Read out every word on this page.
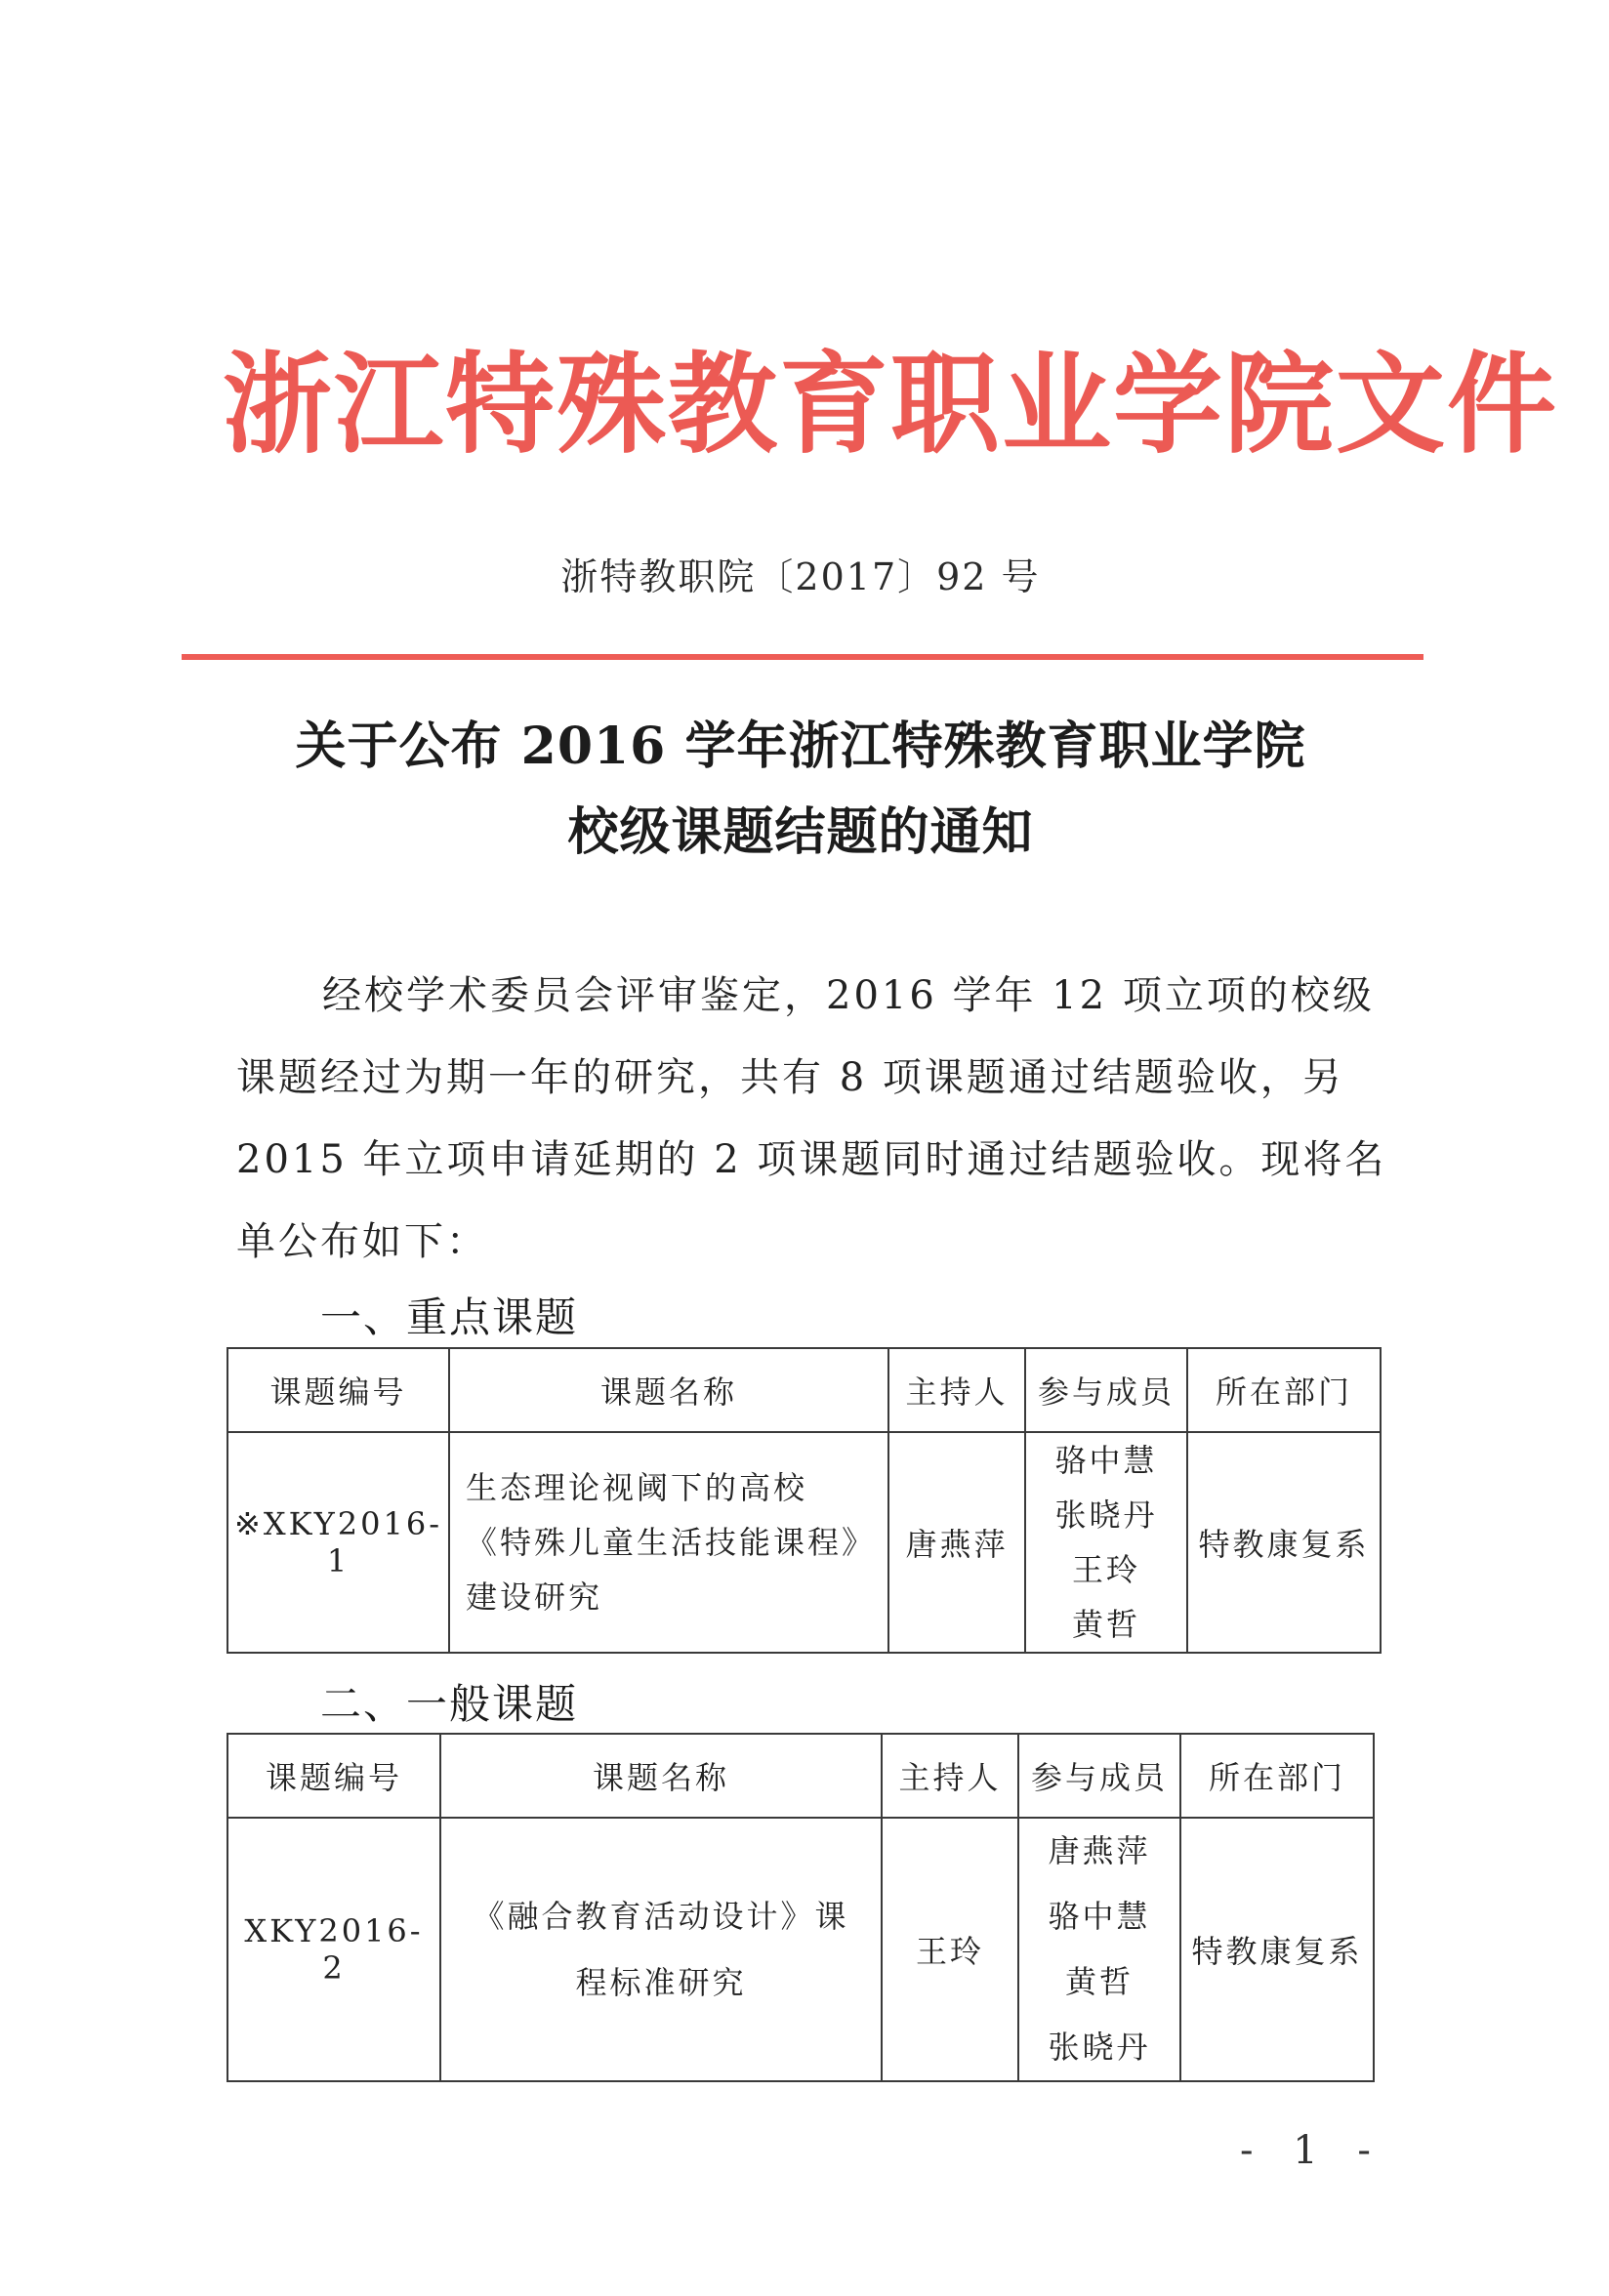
浙江特殊教育职业学院文件
浙特教职院〔2017〕92 号
关于公布 2016 学年浙江特殊教育职业学院
校级课题结题的通知
经校学术委员会评审鉴定，2016 学年 12 项立项的校级
课题经过为期一年的研究，共有 8 项课题通过结题验收，另
2015 年立项申请延期的 2 项课题同时通过结题验收。现将名
单公布如下：
一、重点课题
课题编号	课题名称	主持人	参与成员	所在部门
※XKY2016-1	生态理论视阈下的高校《特殊儿童生活技能课程》建设研究	唐燕萍	骆中慧
张晓丹
王玲
黄哲	特教康复系
二、一般课题
课题编号	课题名称	主持人	参与成员	所在部门
XKY2016-2	《融合教育活动设计》课程标准研究	王玲	唐燕萍
骆中慧
黄哲
张晓丹	特教康复系
- 1 -
